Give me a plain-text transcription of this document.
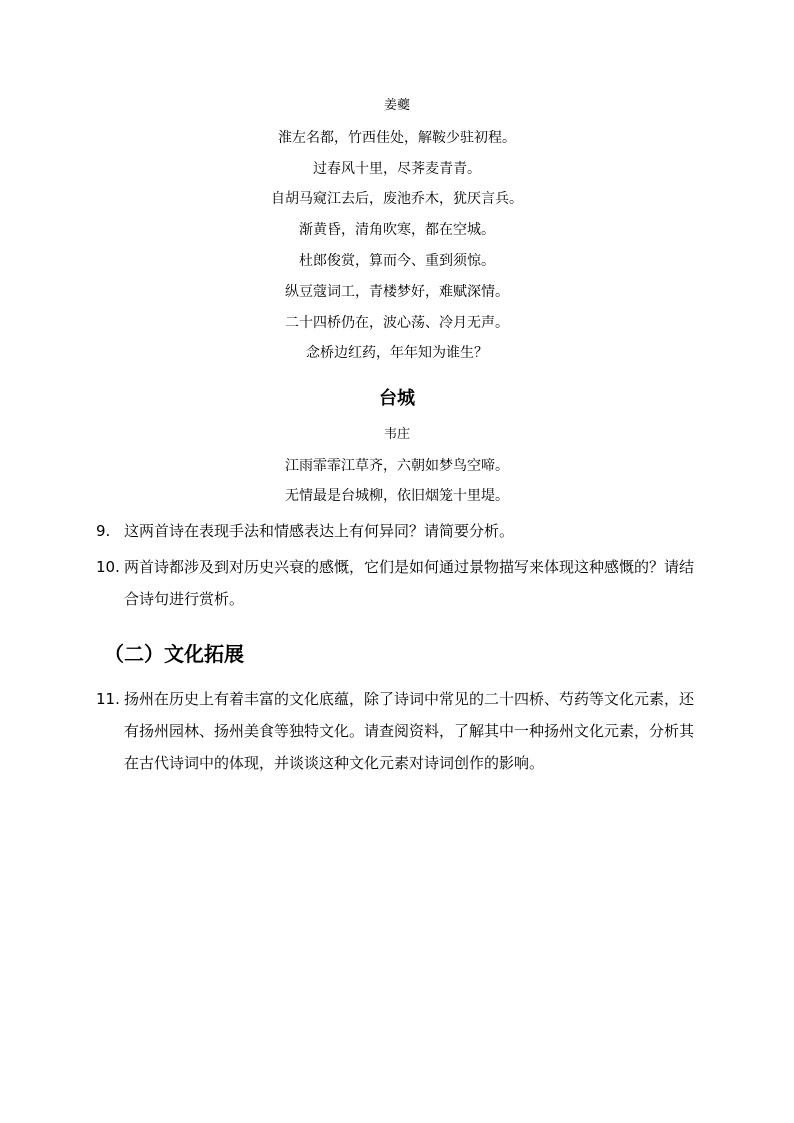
姜夔
淮左名都，竹西佳处，解鞍少驻初程。
过春风十里，尽荠麦青青。
自胡马窥江去后，废池乔木，犹厌言兵。
渐黄昏，清角吹寒，都在空城。
杜郎俊赏，算而今、重到须惊。
纵豆蔻词工，青楼梦好，难赋深情。
二十四桥仍在，波心荡、冷月无声。
念桥边红药，年年知为谁生？
台城
韦庄
江雨霏霏江草齐，六朝如梦鸟空啼。
无情最是台城柳，依旧烟笼十里堤。
9. 这两首诗在表现手法和情感表达上有何异同？请简要分析。
10. 两首诗都涉及到对历史兴衰的感慨，它们是如何通过景物描写来体现这种感慨的？请结合诗句进行赏析。
（二）文化拓展
11. 扬州在历史上有着丰富的文化底蕴，除了诗词中常见的二十四桥、芍药等文化元素，还有扬州园林、扬州美食等独特文化。请查阅资料，了解其中一种扬州文化元素，分析其在古代诗词中的体现，并谈谈这种文化元素对诗词创作的影响。
